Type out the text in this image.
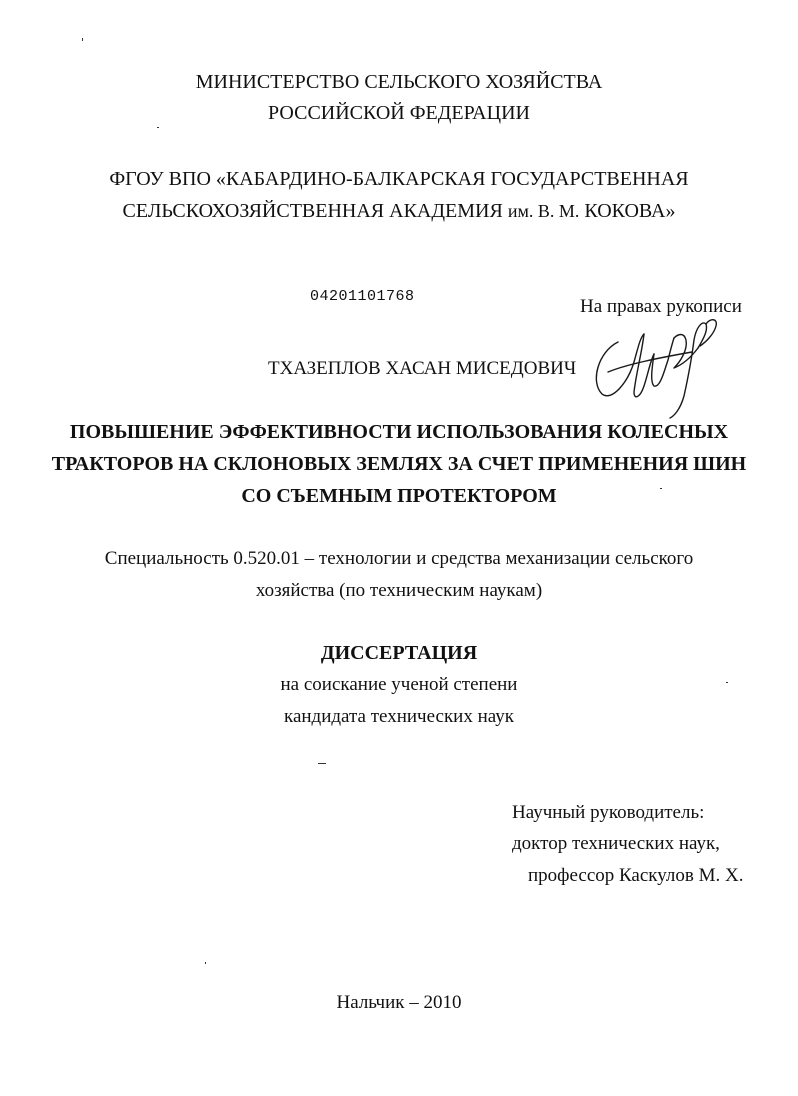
МИНИСТЕРСТВО СЕЛЬСКОГО ХОЗЯЙСТВА
РОССИЙСКОЙ ФЕДЕРАЦИИ
ФГОУ ВПО «КАБАРДИНО-БАЛКАРСКАЯ ГОСУДАРСТВЕННАЯ
СЕЛЬСКОХОЗЯЙСТВЕННАЯ АКАДЕМИЯ им. В. М. КОКОВА»
04201101768	На правах рукописи
ТХАЗЕПЛОВ ХАСАН МИСЕДОВИЧ
ПОВЫШЕНИЕ ЭФФЕКТИВНОСТИ ИСПОЛЬЗОВАНИЯ КОЛЕСНЫХ
ТРАКТОРОВ НА СКЛОНОВЫХ ЗЕМЛЯХ ЗА СЧЕТ ПРИМЕНЕНИЯ ШИН
СО СЪЕМНЫМ ПРОТЕКТОРОМ
Специальность 0.520.01 – технологии и средства механизации сельского
хозяйства (по техническим наукам)
ДИССЕРТАЦИЯ
на соискание ученой степени
кандидата технических наук
Научный руководитель:
доктор технических наук,
профессор Каскулов М. Х.
Нальчик – 2010
